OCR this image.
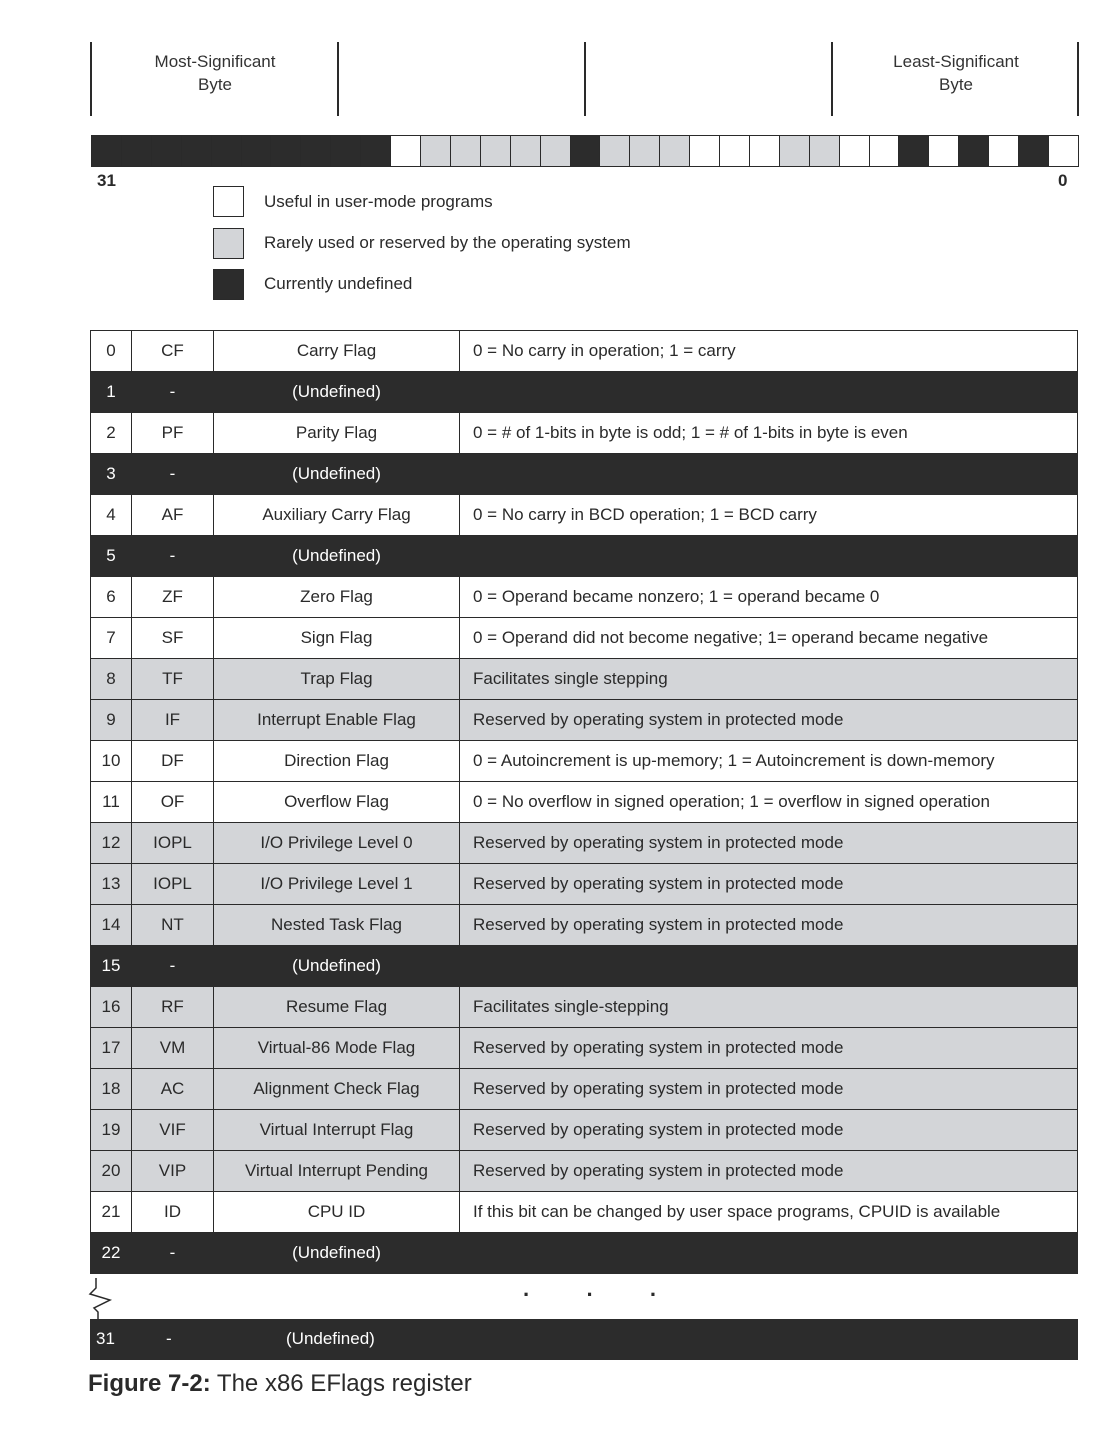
Most-Significant
Byte
Least-Significant
Byte
31	0
Useful in user-mode programs
Rarely used or reserved by the operating system
Currently undefined
0	CF	Carry Flag	0 = No carry in operation; 1 = carry
1	-	(Undefined)	
2	PF	Parity Flag	0 = # of 1-bits in byte is odd; 1 = # of 1-bits in byte is even
3	-	(Undefined)	
4	AF	Auxiliary Carry Flag	0 = No carry in BCD operation; 1 = BCD carry
5	-	(Undefined)	
6	ZF	Zero Flag	0 = Operand became nonzero; 1 = operand became 0
7	SF	Sign Flag	0 = Operand did not become negative; 1= operand became negative
8	TF	Trap Flag	Facilitates single stepping
9	IF	Interrupt Enable Flag	Reserved by operating system in protected mode
10	DF	Direction Flag	0 = Autoincrement is up-memory; 1 = Autoincrement is down-memory
11	OF	Overflow Flag	0 = No overflow in signed operation; 1 = overflow in signed operation
12	IOPL	I/O Privilege Level 0	Reserved by operating system in protected mode
13	IOPL	I/O Privilege Level 1	Reserved by operating system in protected mode
14	NT	Nested Task Flag	Reserved by operating system in protected mode
15	-	(Undefined)	
16	RF	Resume Flag	Facilitates single-stepping
17	VM	Virtual-86 Mode Flag	Reserved by operating system in protected mode
18	AC	Alignment Check Flag	Reserved by operating system in protected mode
19	VIF	Virtual Interrupt Flag	Reserved by operating system in protected mode
20	VIP	Virtual Interrupt Pending	Reserved by operating system in protected mode
21	ID	CPU ID	If this bit can be changed by user space programs, CPUID is available
22	-	(Undefined)	
· · ·
31	-	(Undefined)
Figure 7-2: The x86 EFlags register
